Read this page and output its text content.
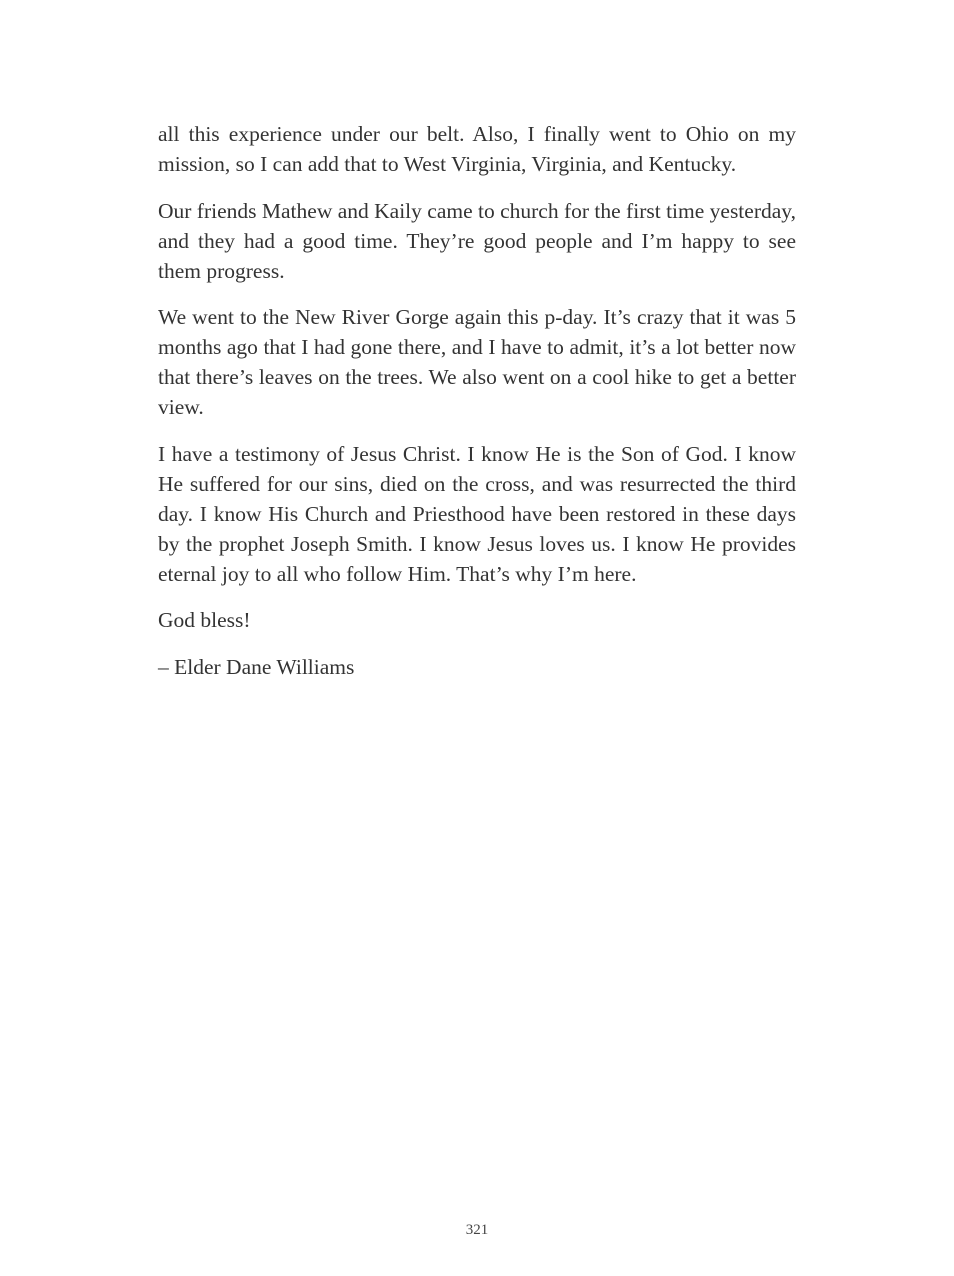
all this experience under our belt. Also, I finally went to Ohio on my mission, so I can add that to West Virginia, Virginia, and Kentucky.

Our friends Mathew and Kaily came to church for the first time yesterday, and they had a good time. They’re good people and I’m happy to see them progress.

We went to the New River Gorge again this p-day. It’s crazy that it was 5 months ago that I had gone there, and I have to admit, it’s a lot better now that there’s leaves on the trees. We also went on a cool hike to get a better view.

I have a testimony of Jesus Christ. I know He is the Son of God. I know He suffered for our sins, died on the cross, and was resurrected the third day. I know His Church and Priesthood have been restored in these days by the prophet Joseph Smith. I know Jesus loves us. I know He provides eternal joy to all who follow Him. That’s why I’m here.

God bless!

– Elder Dane Williams

321
